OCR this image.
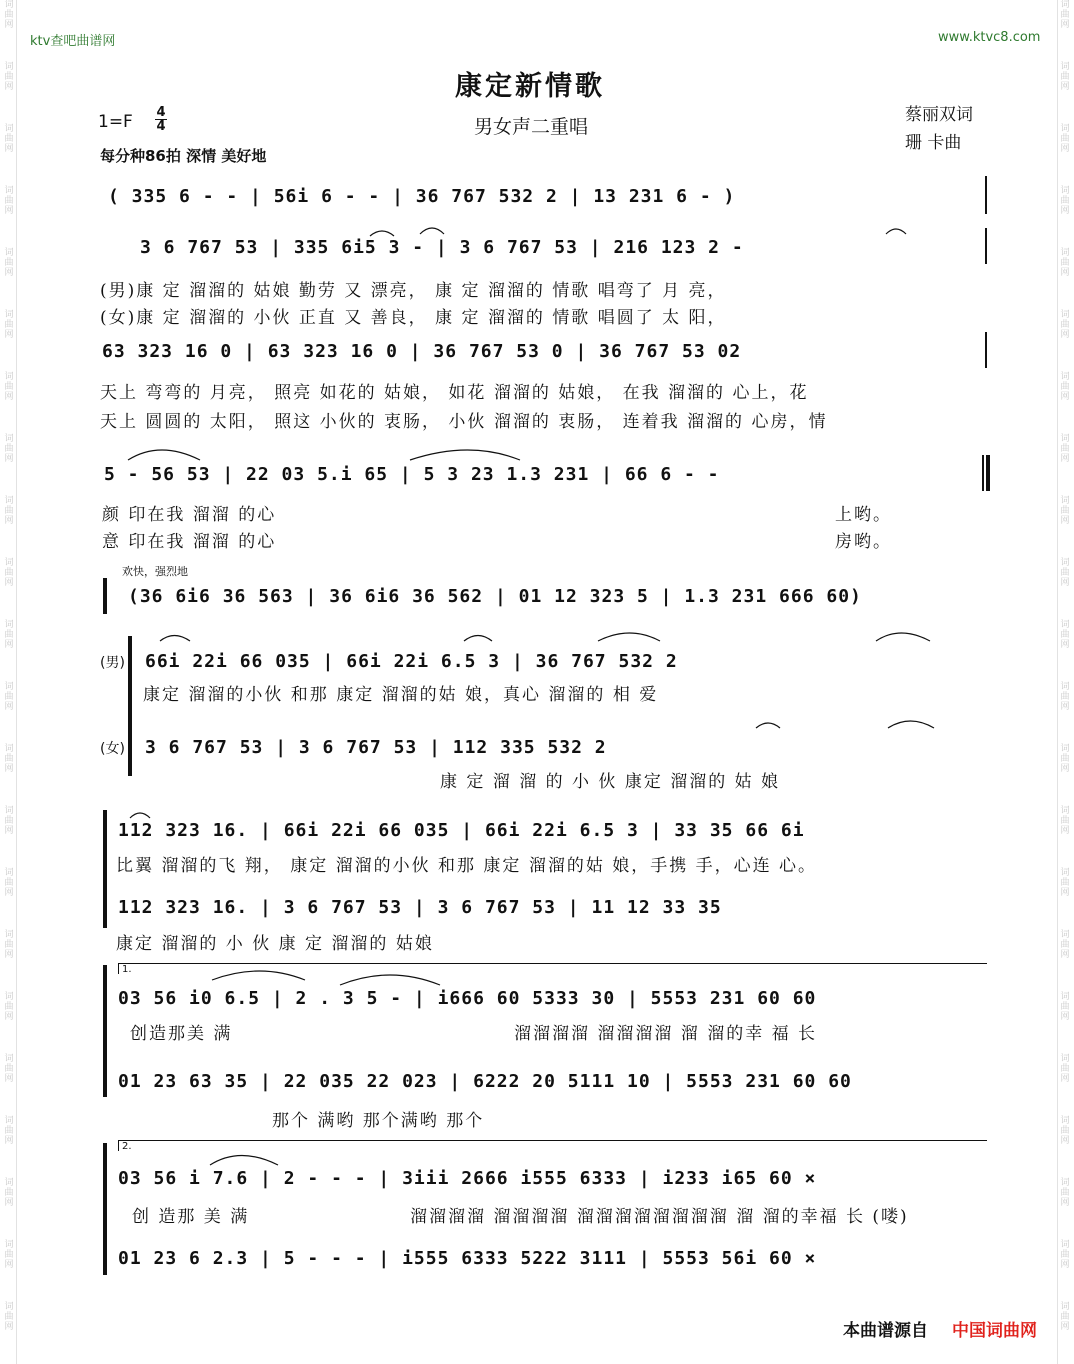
词
曲
网
词
曲
网
词
曲
网
词
曲
网
词
曲
网
词
曲
网
词
曲
网
词
曲
网
词
曲
网
词
曲
网
词
曲
网
词
曲
网
词
曲
网
词
曲
网
词
曲
网
词
曲
网
词
曲
网
词
曲
网
词
曲
网
词
曲
网
词
曲
网
词
曲
网
词
曲
网
词
曲
网
词
曲
网
词
曲
网
词
曲
网
词
曲
网
词
曲
网
词
曲
网
词
曲
网
词
曲
网
词
曲
网
词
曲
网
词
曲
网
词
曲
网
词
曲
网
词
曲
网
词
曲
网
词
曲
网
词
曲
网
词
曲
网
词
曲
网
词
曲
网
ktv查吧曲谱网	www.ktvc8.com
康定新情歌
$1=F \frac{4}{4}$	男女声二重唱
蔡丽双词
珊 卡曲
每分种86拍 深情 美好地
( 335 6 - - | 56i 6 - - | 36 767 532 2 | 13 231 6 - )
3 6 767 53 | 335 6i5 3 - | 3 6 767 53 | 216 123 2 -
(男)康 定 溜溜的 姑娘 勤劳 又 漂亮， 康 定 溜溜的 情歌 唱弯了 月 亮，
(女)康 定 溜溜的 小伙 正直 又 善良， 康 定 溜溜的 情歌 唱圆了 太 阳，
63 323 16 0 | 63 323 16 0 | 36 767 53 0 | 36 767 53 02
天上 弯弯的 月亮， 照亮 如花的 姑娘， 如花 溜溜的 姑娘， 在我 溜溜的 心上，花
天上 圆圆的 太阳， 照这 小伙的 衷肠， 小伙 溜溜的 衷肠， 连着我 溜溜的 心房，情
5 - 56 53 | 22 03 5.i 65 | 5 3 23 1.3 231 | 66 6 - -
颜 印在我 溜溜 的心	上哟。
意 印在我 溜溜 的心	房哟。
欢快，强烈地
(36 6i6 36 563 | 36 6i6 36 562 | 01 12 323 5 | 1.3 231 666 60)
(男)
(女)
66i 22i 66 035 | 66i 22i 6.5 3 | 36 767 532 2
康定 溜溜的小伙 和那 康定 溜溜的姑 娘，真心 溜溜的 相 爱
3 6 767 53 | 3 6 767 53 | 112 335 532 2
康 定 溜 溜 的 小 伙 康定 溜溜的 姑 娘
112 323 16. | 66i 22i 66 035 | 66i 22i 6.5 3 | 33 35 66 6i
比翼 溜溜的飞 翔， 康定 溜溜的小伙 和那 康定 溜溜的姑 娘，手携 手，心连 心。
112 323 16. | 3 6 767 53 | 3 6 767 53 | 11 12 33 35
康定 溜溜的 小 伙 康 定 溜溜的 姑娘
1.
03 56 i0 6.5 | 2 . 3 5 - | i666 60 5333 30 | 5553 231 60 60
创造那美 满	溜溜溜溜 溜溜溜溜 溜 溜的幸 福 长
01 23 63 35 | 22 035 22 023 | 6222 20 5111 10 | 5553 231 60 60
那个 满哟 那个满哟 那个
2.
03 56 i 7.6 | 2 - - - | 3iii 2666 i555 6333 | i233 i65 60 ×
创 造那 美 满	溜溜溜溜 溜溜溜溜 溜溜溜溜溜溜溜溜 溜 溜的幸福 长 (喽)
01 23 6 2.3 | 5 - - - | i555 6333 5222 3111 | 5553 56i 60 ×
本曲谱源自 中国词曲网
